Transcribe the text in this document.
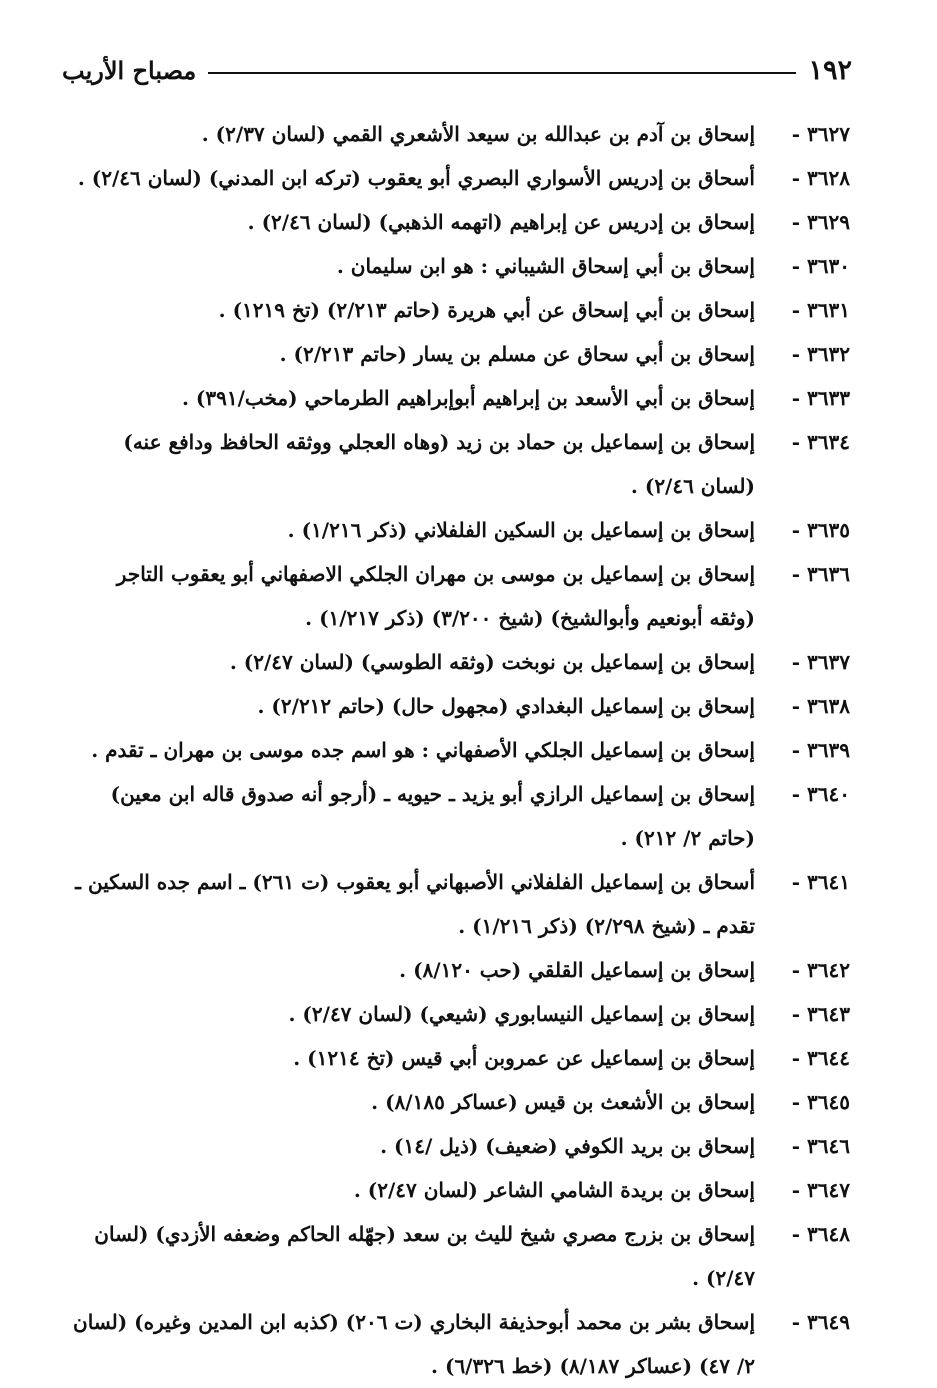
١٩٢
مصباح الأريب
٣٦٢٧ -
إسحاق بن آدم بن عبدالله بن سيعد الأشعري القمي (لسان ٢/٣٧) .
٣٦٢٨ -
أسحاق بن إدريس الأسواري البصري أبو يعقوب (تركه ابن المدني) (لسان ٢/٤٦) .
٣٦٢٩ -
إسحاق بن إدريس عن إبراهيم (اتهمه الذهبي) (لسان ٢/٤٦) .
٣٦٣٠ -
إسحاق بن أبي إسحاق الشيباني : هو ابن سليمان .
٣٦٣١ -
إسحاق بن أبي إسحاق عن أبي هريرة (حاتم ٢/٢١٣) (تخ ١٢١٩) .
٣٦٣٢ -
إسحاق بن أبي سحاق عن مسلم بن يسار (حاتم ٢/٢١٣) .
٣٦٣٣ -
إسحاق بن أبي الأسعد بن إبراهيم أبوإبراهيم الطرماحي (مخب/٣٩١) .
٣٦٣٤ -
إسحاق بن إسماعيل بن حماد بن زيد (وهاه العجلي ووثقه الحافظ ودافع عنه) (لسان ٢/٤٦) .
٣٦٣٥ -
إسحاق بن إسماعيل بن السكين الفلفلاني (ذكر ١/٢١٦) .
٣٦٣٦ -
إسحاق بن إسماعيل بن موسى بن مهران الجلكي الاصفهاني أبو يعقوب التاجر (وثقه أبونعيم وأبوالشيخ) (شيخ ٣/٢٠٠) (ذكر ١/٢١٧) .
٣٦٣٧ -
إسحاق بن إسماعيل بن نوبخت (وثقه الطوسي) (لسان ٢/٤٧) .
٣٦٣٨ -
إسحاق بن إسماعيل البغدادي (مجهول حال) (حاتم ٢/٢١٢) .
٣٦٣٩ -
إسحاق بن إسماعيل الجلكي الأصفهاني : هو اسم جده موسى بن مهران ـ تقدم .
٣٦٤٠ -
إسحاق بن إسماعيل الرازي أبو يزيد ـ حيويه ـ (أرجو أنه صدوق قاله ابن معين) (حاتم ٢/ ٢١٢) .
٣٦٤١ -
أسحاق بن إسماعيل الفلفلاني الأصبهاني أبو يعقوب (ت ٢٦١) ـ اسم جده السكين ـ تقدم ـ (شيخ ٢/٢٩٨) (ذكر ١/٢١٦) .
٣٦٤٢ -
إسحاق بن إسماعيل القلقي (حب ٨/١٢٠) .
٣٦٤٣ -
إسحاق بن إسماعيل النيسابوري (شيعي) (لسان ٢/٤٧) .
٣٦٤٤ -
إسحاق بن إسماعيل عن عمروبن أبي قيس (تخ ١٢١٤) .
٣٦٤٥ -
إسحاق بن الأشعث بن قيس (عساكر ٨/١٨٥) .
٣٦٤٦ -
إسحاق بن بريد الكوفي (ضعيف) (ذيل /١٤) .
٣٦٤٧ -
إسحاق بن بريدة الشامي الشاعر (لسان ٢/٤٧) .
٣٦٤٨ -
إسحاق بن بزرج مصري شيخ لليث بن سعد (جهّله الحاكم وضعفه الأزدي) (لسان ٢/٤٧) .
٣٦٤٩ -
إسحاق بشر بن محمد أبوحذيفة البخاري (ت ٢٠٦) (كذبه ابن المدين وغيره) (لسان ٢/ ٤٧) (عساكر ٨/١٨٧) (خط ٦/٣٢٦) .
